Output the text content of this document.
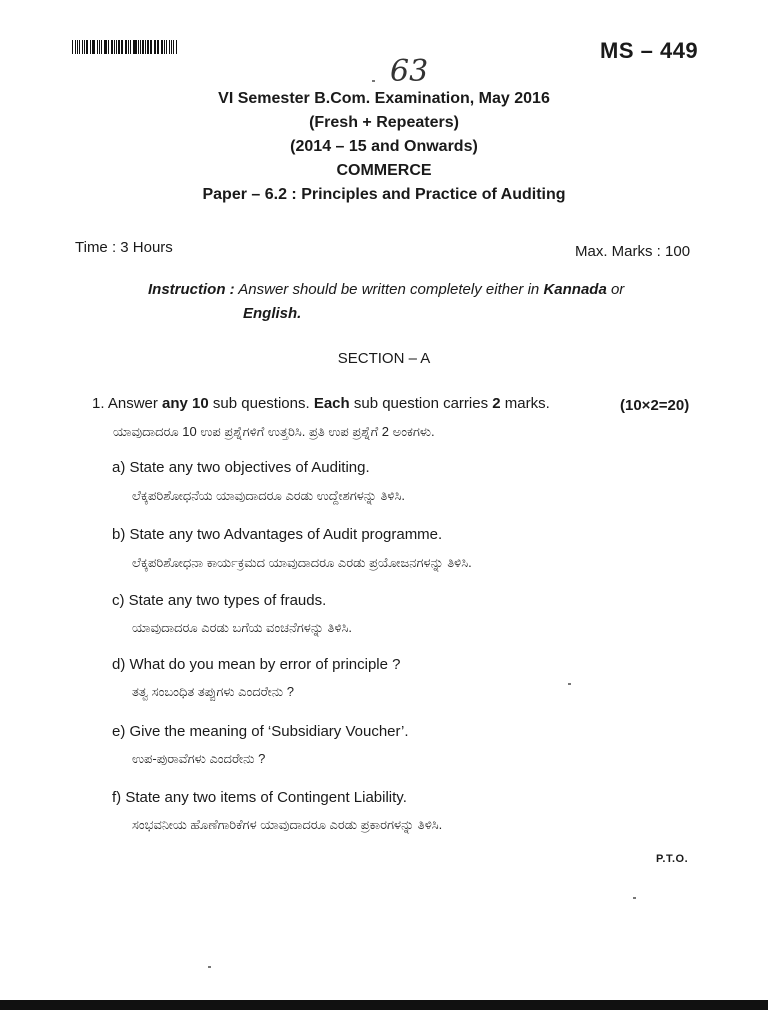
MS – 449
63
VI Semester B.Com. Examination, May 2016
(Fresh + Repeaters)
(2014 – 15 and Onwards)
COMMERCE
Paper – 6.2 : Principles and Practice of Auditing
Time : 3 Hours	Max. Marks : 100
Instruction : Answer should be written completely either in Kannada or
English.
SECTION – A
1. Answer any 10 sub questions. Each sub question carries 2 marks.	(10×2=20)
ಯಾವುದಾದರೂ 10 ಉಪ ಪ್ರಶ್ನೆಗಳಿಗೆ ಉತ್ತರಿಸಿ. ಪ್ರತಿ ಉಪ ಪ್ರಶ್ನೆಗೆ 2 ಅಂಕಗಳು.
a) State any two objectives of Auditing.
ಲೆಕ್ಕಪರಿಶೋಧನೆಯ ಯಾವುದಾದರೂ ಎರಡು ಉದ್ದೇಶಗಳನ್ನು ತಿಳಿಸಿ.
b) State any two Advantages of Audit programme.
ಲೆಕ್ಕಪರಿಶೋಧನಾ ಕಾರ್ಯಕ್ರಮದ ಯಾವುದಾದರೂ ಎರಡು ಪ್ರಯೋಜನಗಳನ್ನು ತಿಳಿಸಿ.
c) State any two types of frauds.
ಯಾವುದಾದರೂ ಎರಡು ಬಗೆಯ ವಂಚನೆಗಳನ್ನು ತಿಳಿಸಿ.
d) What do you mean by error of principle ?
ತತ್ವ ಸಂಬಂಧಿತ ತಪ್ಪುಗಳು ಎಂದರೇನು ?
e) Give the meaning of ‘Subsidiary Voucher’.
ಉಪ-ಪುರಾವೆಗಳು ಎಂದರೇನು ?
f) State any two items of Contingent Liability.
ಸಂಭವನೀಯ ಹೊಣೆಗಾರಿಕೆಗಳ ಯಾವುದಾದರೂ ಎರಡು ಪ್ರಕಾರಗಳನ್ನು ತಿಳಿಸಿ.
P.T.O.
